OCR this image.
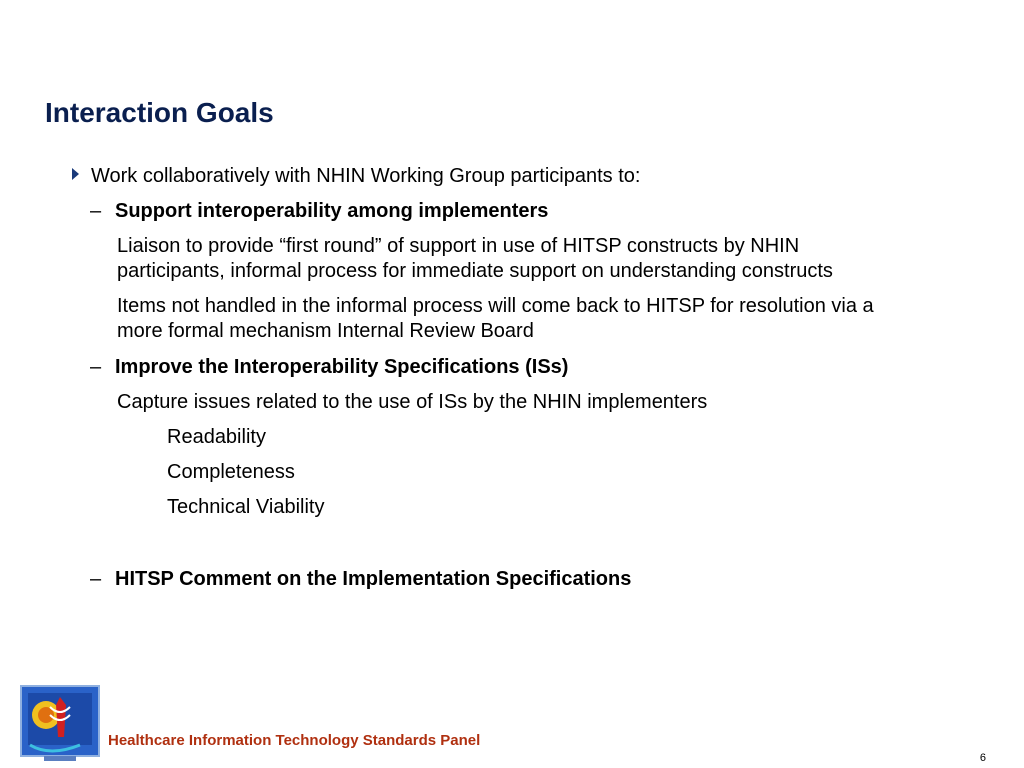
Interaction Goals
Work collaboratively with NHIN Working Group participants to:
– Support interoperability among implementers
Liaison to provide “first round” of support in use of HITSP constructs by NHIN
participants, informal process for immediate support on understanding constructs
Items not handled in the informal process will come back to HITSP for resolution via a
more formal mechanism Internal Review Board
– Improve the Interoperability Specifications (ISs)
Capture issues related to the use of ISs by the NHIN implementers
Readability
Completeness
Technical Viability
– HITSP Comment on the Implementation Specifications
Healthcare Information Technology Standards Panel
6
